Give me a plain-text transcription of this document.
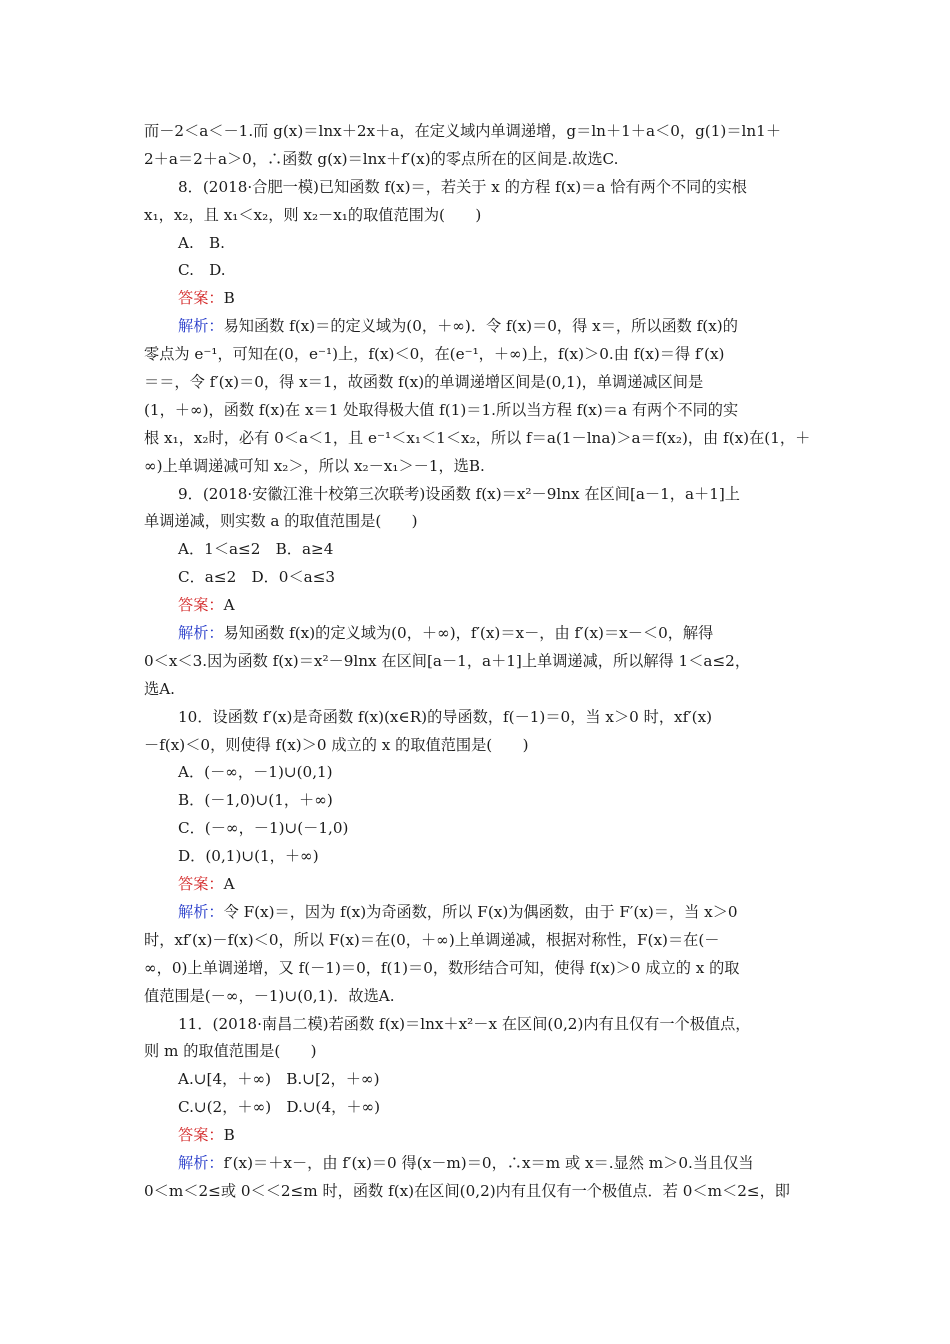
而－2＜a＜－1.而 g(x)＝lnx＋2x＋a，在定义域内单调递增，g＝ln＋1＋a＜0，g(1)＝ln1＋
2＋a＝2＋a＞0，∴函数 g(x)＝lnx＋f′(x)的零点所在的区间是.故选C.
8．(2018·合肥一模)已知函数 f(x)＝，若关于 x 的方程 f(x)＝a 恰有两个不同的实根
x₁，x₂，且 x₁＜x₂，则 x₂－x₁的取值范围为(　　)
A.　B.
C.　D.
答案：B
解析：易知函数 f(x)＝的定义域为(0，＋∞)．令 f(x)＝0，得 x＝，所以函数 f(x)的
零点为 e⁻¹，可知在(0，e⁻¹)上，f(x)＜0，在(e⁻¹，＋∞)上，f(x)＞0.由 f(x)＝得 f′(x)
＝＝，令 f′(x)＝0，得 x＝1，故函数 f(x)的单调递增区间是(0,1)，单调递减区间是
(1，＋∞)，函数 f(x)在 x＝1 处取得极大值 f(1)＝1.所以当方程 f(x)＝a 有两个不同的实
根 x₁，x₂时，必有 0＜a＜1，且 e⁻¹＜x₁＜1＜x₂，所以 f＝a(1－lna)＞a＝f(x₂)，由 f(x)在(1，＋
∞)上单调递减可知 x₂＞，所以 x₂－x₁＞－1，选B.
9．(2018·安徽江淮十校第三次联考)设函数 f(x)＝x²－9lnx 在区间[a－1，a＋1]上
单调递减，则实数 a 的取值范围是(　　)
A．1＜a≤2　B．a≥4
C．a≤2　D．0＜a≤3
答案：A
解析：易知函数 f(x)的定义域为(0，＋∞)，f′(x)＝x－，由 f′(x)＝x－＜0，解得
0＜x＜3.因为函数 f(x)＝x²－9lnx 在区间[a－1，a＋1]上单调递减，所以解得 1＜a≤2，
选A.
10．设函数 f′(x)是奇函数 f(x)(x∈R)的导函数，f(－1)＝0，当 x＞0 时，xf′(x)
－f(x)＜0，则使得 f(x)＞0 成立的 x 的取值范围是(　　)
A．(－∞，－1)∪(0,1)
B．(－1,0)∪(1，＋∞)
C．(－∞，－1)∪(－1,0)
D．(0,1)∪(1，＋∞)
答案：A
解析：令 F(x)＝，因为 f(x)为奇函数，所以 F(x)为偶函数，由于 F′(x)＝，当 x＞0
时，xf′(x)－f(x)＜0，所以 F(x)＝在(0，＋∞)上单调递减，根据对称性，F(x)＝在(－
∞，0)上单调递增，又 f(－1)＝0，f(1)＝0，数形结合可知，使得 f(x)＞0 成立的 x 的取
值范围是(－∞，－1)∪(0,1)．故选A.
11．(2018·南昌二模)若函数 f(x)＝lnx＋x²－x 在区间(0,2)内有且仅有一个极值点，
则 m 的取值范围是(　　)
A.∪[4，＋∞)　B.∪[2，＋∞)
C.∪(2，＋∞)　D.∪(4，＋∞)
答案：B
解析：f′(x)＝＋x－，由 f′(x)＝0 得(x－m)＝0，∴x＝m 或 x＝.显然 m＞0.当且仅当
0＜m＜2≤或 0＜＜2≤m 时，函数 f(x)在区间(0,2)内有且仅有一个极值点．若 0＜m＜2≤，即
